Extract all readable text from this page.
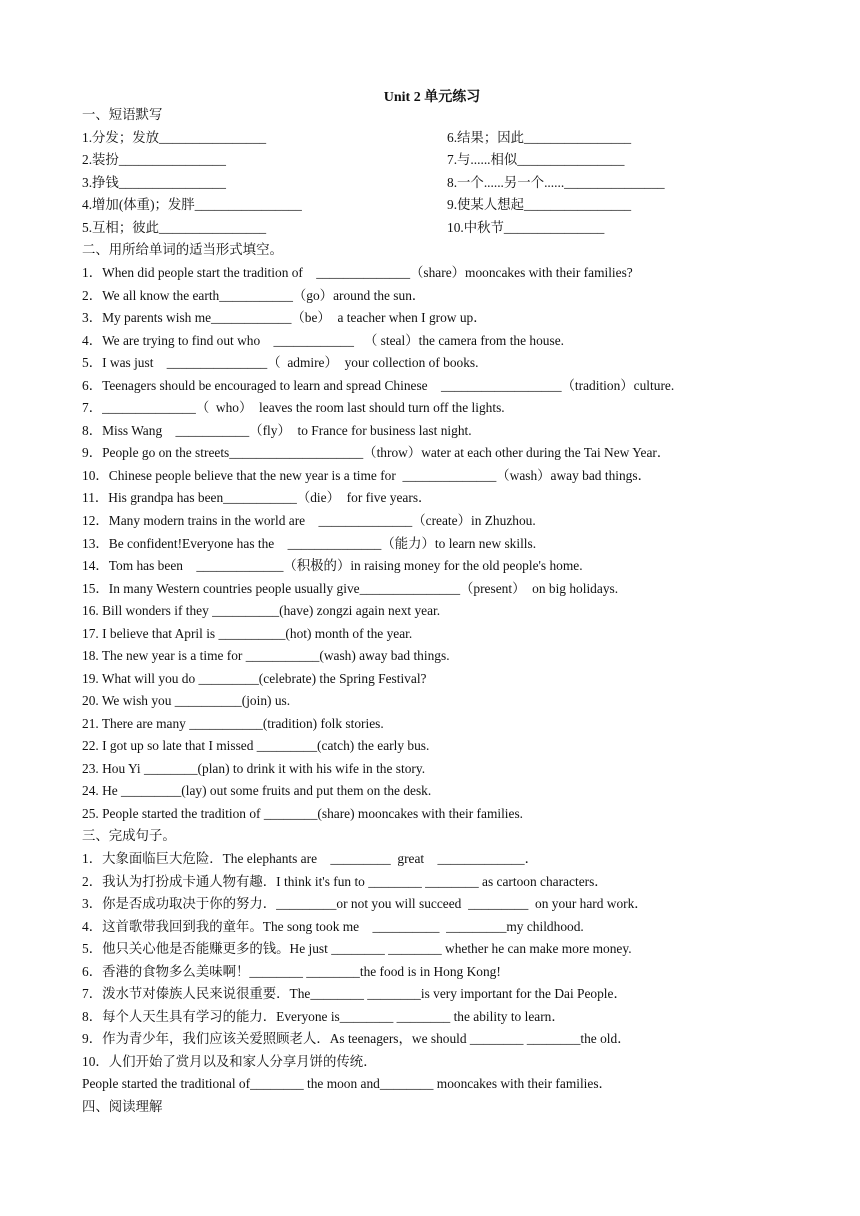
Unit 2 单元练习
一、短语默写
1.分发；发放________________
2.装扮________________
3.挣钱________________
4.增加(体重)；发胖________________
5.互相；彼此________________
6.结果；因此________________
7.与......相似________________
8.一个......另一个......_______________
9.使某人想起________________
10.中秋节_______________
二、用所给单词的适当形式填空。
1．When did people start the tradition of    ______________（share）mooncakes with their families?
2．We all know the earth___________（go）around the sun．
3．My parents wish me____________（be）  a teacher when I grow up．
4．We are trying to find out who    ____________   （ steal）the camera from the house.
5．I was just    _______________（  admire）  your collection of books.
6．Teenagers should be encouraged to learn and spread Chinese    __________________（tradition）culture.
7．______________（  who）  leaves the room last should turn off the lights.
8．Miss Wang    ___________（fly）  to France for business last night.
9．People go on the streets____________________（throw）water at each other during the Tai New Year．
10．Chinese people believe that the new year is a time for  ______________（wash）away bad things．
11．His grandpa has been___________（die）  for five years．
12．Many modern trains in the world are    ______________（create）in Zhuzhou.
13．Be confident!Everyone has the    ______________（能力）to learn new skills.
14．Tom has been    _____________（积极的）in raising money for the old people's home.
15．In many Western countries people usually give_______________（present）  on big holidays.
16. Bill wonders if they __________(have) zongzi again next year.
17. I believe that April is __________(hot) month of the year.
18. The new year is a time for ___________(wash) away bad things.
19. What will you do _________(celebrate) the Spring Festival?
20. We wish you __________(join) us.
21. There are many ___________(tradition) folk stories.
22. I got up so late that I missed _________(catch) the early bus.
23. Hou Yi ________(plan) to drink it with his wife in the story.
24. He _________(lay) out some fruits and put them on the desk.
25. People started the tradition of ________(share) mooncakes with their families.
三、完成句子。
1．大象面临巨大危险．The elephants are    _________  great    _____________．
2．我认为打扮成卡通人物有趣．I think it's fun to ________ ________ as cartoon characters．
3．你是否成功取决于你的努力．_________or not you will succeed  _________  on your hard work．
4．这首歌带我回到我的童年。The song took me    __________  _________my childhood.
5．他只关心他是否能赚更多的钱。He just ________ ________ whether he can make more money.
6．香港的食物多么美味啊！________ ________the food is in Hong Kong!
7．泼水节对傣族人民来说很重要．The________ ________is very important for the Dai People．
8．每个人天生具有学习的能力．Everyone is________ ________ the ability to learn．
9．作为青少年，我们应该关爱照顾老人．As teenagers，we should ________ ________the old．
10．人们开始了赏月以及和家人分享月饼的传统．
People started the traditional of________ the moon and________ mooncakes with their families．
四、阅读理解
